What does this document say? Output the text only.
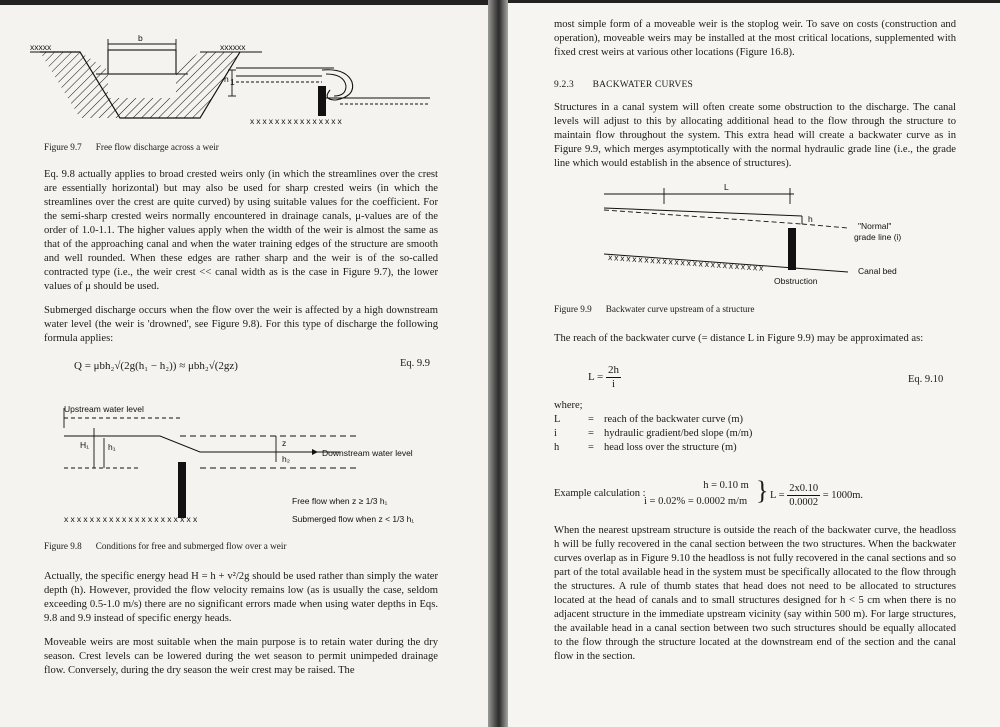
b
xxxxx	xxxxxx
h 1
xxxxxxxxxxxxxxx
Figure 9.7 Free flow discharge across a weir

Eq. 9.8 actually applies to broad crested weirs only (in which the streamlines over the crest are essentially horizontal) but may also be used for sharp crested weirs (in which the streamlines over the crest are quite curved) by using suitable values for the coefficient. For the semi-sharp crested weirs normally encountered in drainage canals, μ-values are of the order of 1.0-1.1. The higher values apply when the width of the weir is almost the same as that of the approaching canal and when the water training edges of the structure are smooth and well rounded. When these edges are rather sharp and the weir is of the so-called contracted type (i.e., the weir crest << canal width as is the case in Figure 9.7), the lower values of μ should be used.

Submerged discharge occurs when the flow over the weir is affected by a high downstream water level (the weir is 'drowned', see Figure 9.8). For this type of discharge the following formula applies:

Q = μbh₂√(2g(h₁ − h₂)) ≈ μbh₂√(2gz)	Eq. 9.9
Upstream water level
H₁ h₁	z
h₂
Downstream water level
Free flow when z ≥ 1/3 h₁
Submerged flow when z < 1/3 h₁
xxxxxxxxxxxxxxxxxxxxx
Figure 9.8 Conditions for free and submerged flow over a weir

Actually, the specific energy head H = h + v²/2g should be used rather than simply the water depth (h). However, provided the flow velocity remains low (as is usually the case, seldom exceeding 0.5-1.0 m/s) there are no significant errors made when using water depths in Eqs. 9.8 and 9.9 instead of specific energy heads.

Moveable weirs are most suitable when the main purpose is to retain water during the dry season. Crest levels can be lowered during the wet season to permit unimpeded drainage flow. Conversely, during the dry season the weir crest may be raised. The

most simple form of a moveable weir is the stoplog weir. To save on costs (construction and operation), moveable weirs may be installed at the most critical locations, supplemented with fixed crest weirs at various other locations (Figure 16.8).

9.2.3 BACKWATER CURVES

Structures in a canal system will often create some obstruction to the discharge. The canal levels will adjust to this by allocating additional head to the flow through the structure to maintain flow throughout the system. This extra head will create a backwater curve as in Figure 9.9, which merges asymptotically with the normal hydraulic grade line (i.e., the grade line which would establish in the absence of structures).

L
h
xxxxxxxxxxxxxxxxxxxxxxxxxx
"Normal"
grade line (i)
Canal bed
Obstruction
Figure 9.9 Backwater curve upstream of a structure

The reach of the backwater curve (= distance L in Figure 9.9) may be approximated as:

$L = \frac{2h}{i}$	Eq. 9.10
where;
L	= reach of the backwater curve (m)
i	= hydraulic gradient/bed slope (m/m)
h	= head loss over the structure (m)
Example calculation :
h = 0.10 m
i = 0.02% = 0.0002 m/m } $L = \frac{2x0.10}{0.0002} = 1000m$.

When the nearest upstream structure is outside the reach of the backwater curve, the headloss h will be fully recovered in the canal section between the two structures. When the backwater curves overlap as in Figure 9.10 the headloss is not fully recovered in the canal sections and so part of the total available head in the system must be specifically allocated to the flow through the structures. A rule of thumb states that head does not need to be allocated to structures located at the head of canals and to small structures designed for h < 5 cm when there is no adjacent structure in the immediate upstream vicinity (say within 500 m). For large structures, the available head in a canal section between two such structures should be equally allocated to the flow through the structure located at the downstream end of the section and the canal flow in the section.
